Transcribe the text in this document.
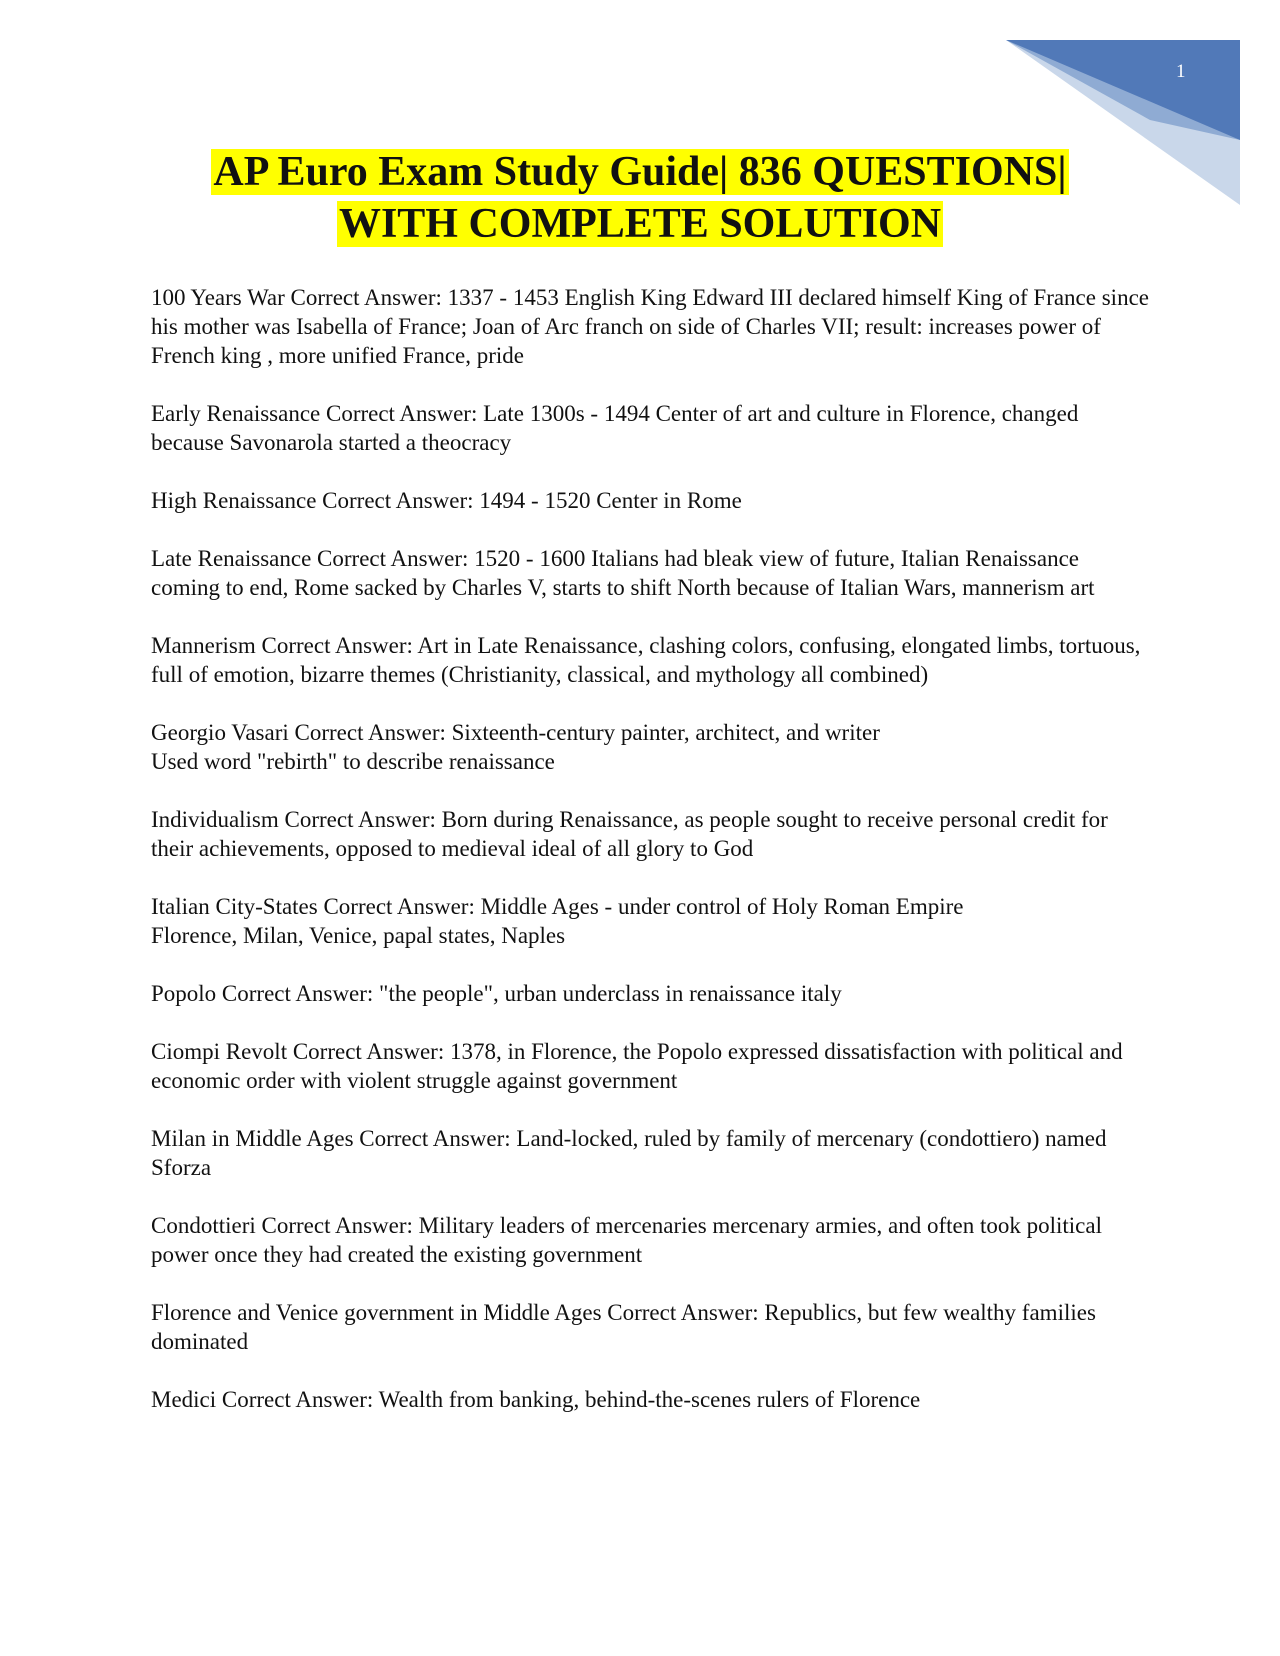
1
AP Euro Exam Study Guide| 836 QUESTIONS|
WITH COMPLETE SOLUTION

100 Years War Correct Answer: 1337 - 1453 English King Edward III declared himself King of France since his mother was Isabella of France; Joan of Arc franch on side of Charles VII; result: increases power of French king , more unified France, pride

Early Renaissance Correct Answer: Late 1300s - 1494 Center of art and culture in Florence, changed because Savonarola started a theocracy

High Renaissance Correct Answer: 1494 - 1520 Center in Rome

Late Renaissance Correct Answer: 1520 - 1600 Italians had bleak view of future, Italian Renaissance coming to end, Rome sacked by Charles V, starts to shift North because of Italian Wars, mannerism art

Mannerism Correct Answer: Art in Late Renaissance, clashing colors, confusing, elongated limbs, tortuous, full of emotion, bizarre themes (Christianity, classical, and mythology all combined)

Georgio Vasari Correct Answer: Sixteenth-century painter, architect, and writer
Used word "rebirth" to describe renaissance

Individualism Correct Answer: Born during Renaissance, as people sought to receive personal credit for their achievements, opposed to medieval ideal of all glory to God

Italian City-States Correct Answer: Middle Ages - under control of Holy Roman Empire
Florence, Milan, Venice, papal states, Naples

Popolo Correct Answer: "the people", urban underclass in renaissance italy

Ciompi Revolt Correct Answer: 1378, in Florence, the Popolo expressed dissatisfaction with political and economic order with violent struggle against government

Milan in Middle Ages Correct Answer: Land-locked, ruled by family of mercenary (condottiero) named Sforza

Condottieri Correct Answer: Military leaders of mercenaries mercenary armies, and often took political power once they had created the existing government

Florence and Venice government in Middle Ages Correct Answer: Republics, but few wealthy families dominated

Medici Correct Answer: Wealth from banking, behind-the-scenes rulers of Florence
